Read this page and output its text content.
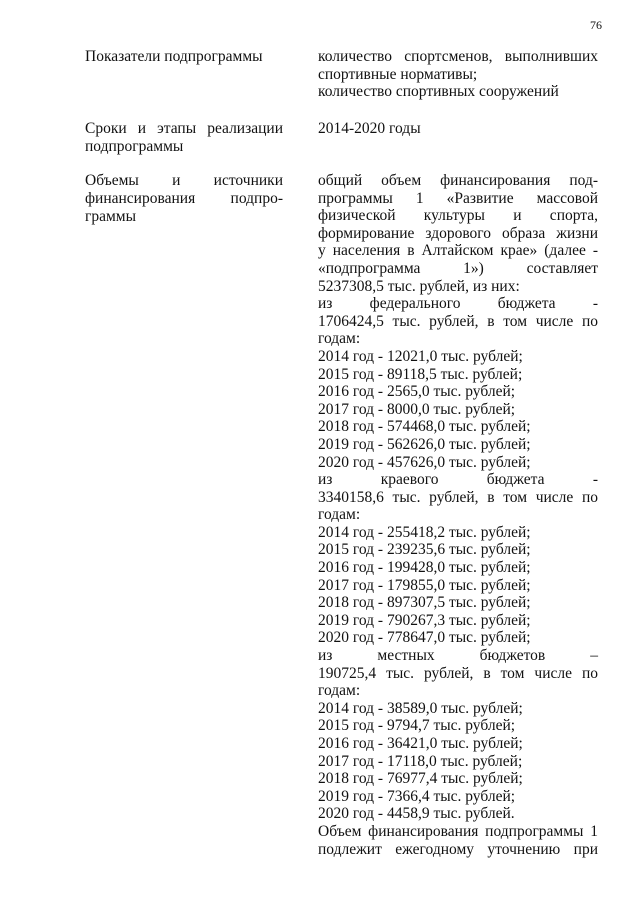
76
Показатели подпрограммы	количество спортсменов, выполнивших
спортивные нормативы;
количество спортивных сооружений
Сроки и этапы реализации
подпрограммы
2014-2020 годы
Объемы и источники
финансирования подпро-
граммы
общий объем финансирования под-
программы 1 «Развитие массовой
физической культуры и спорта,
формирование здорового образа жизни
у населения в Алтайском крае» (далее -
«подпрограмма 1») составляет
5237308,5 тыс. рублей, из них:
из федерального бюджета -
1706424,5 тыс. рублей, в том числе по
годам:
2014 год - 12021,0 тыс. рублей;
2015 год - 89118,5 тыс. рублей;
2016 год - 2565,0 тыс. рублей;
2017 год - 8000,0 тыс. рублей;
2018 год - 574468,0 тыс. рублей;
2019 год - 562626,0 тыс. рублей;
2020 год - 457626,0 тыс. рублей;
из краевого бюджета -
3340158,6 тыс. рублей, в том числе по
годам:
2014 год - 255418,2 тыс. рублей;
2015 год - 239235,6 тыс. рублей;
2016 год - 199428,0 тыс. рублей;
2017 год - 179855,0 тыс. рублей;
2018 год - 897307,5 тыс. рублей;
2019 год - 790267,3 тыс. рублей;
2020 год - 778647,0 тыс. рублей;
из местных бюджетов –
190725,4 тыс. рублей, в том числе по
годам:
2014 год - 38589,0 тыс. рублей;
2015 год - 9794,7 тыс. рублей;
2016 год - 36421,0 тыс. рублей;
2017 год - 17118,0 тыс. рублей;
2018 год - 76977,4 тыс. рублей;
2019 год - 7366,4 тыс. рублей;
2020 год - 4458,9 тыс. рублей.
Объем финансирования подпрограммы 1
подлежит ежегодному уточнению при
